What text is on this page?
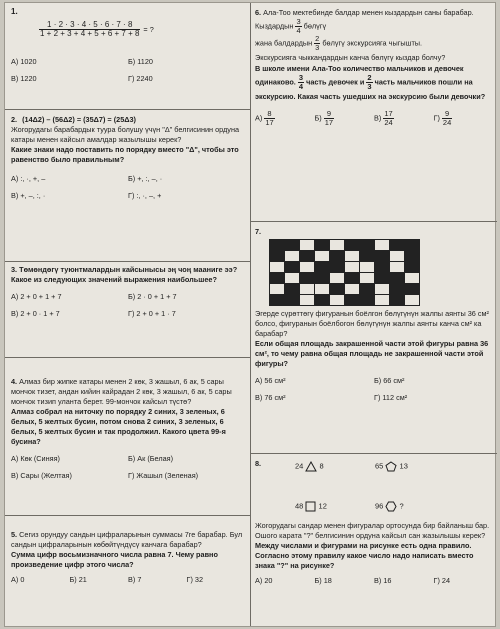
1.
$\frac{1 \cdot 2 \cdot 3 \cdot 4 \cdot 5 \cdot 6 \cdot 7 \cdot 8}{1 + 2 + 3 + 4 + 5 + 6 + 7 + 8}$ = ?
А) 1020	Б) 1120
В) 1220	Г) 2240
2. (14Δ2) – (56Δ2) = (35Δ7) = (25Δ3)
Жогорудагы барабардык туура болушу үчүн "Δ" белгисинин ордуна катары менен кайсыл амалдар жазылышы керек?
Какие знаки надо поставить по порядку вместо "Δ", чтобы это равенство было правильным?
А) :, ·, +, –	Б) +, :, –, ·
В) +, –, :, ·	Г) :, ·, –, +
3. Төмөндөгү туюнтмалардын кайсынысы эң чоң мааниге ээ?
Какое из следующих значений выражения наибольшее?
А) 2 + 0 + 1 + 7	Б) 2 · 0 + 1 + 7
В) 2 + 0 · 1 + 7	Г) 2 + 0 + 1 · 7
4. Алмаз бир жипке катары менен 2 көк, 3 жашыл, 6 ак, 5 сары мончок тизет, андан кийин кайрадан 2 көк, 3 жашыл, 6 ак, 5 сары мончок тизип уланта берет. 99-мончок кайсыл түстө?
Алмаз собрал на ниточку по порядку 2 синих, 3 зеленых, 6 белых, 5 желтых бусин, потом снова 2 синих, 3 зеленых, 6 белых, 5 желтых бусин и так продолжил. Какого цвета 99-я бусина?
А) Көк (Синяя)	Б) Ак (Белая)
В) Сары (Желтая)	Г) Жашыл (Зеленая)
5. Сегиз орундуу сандын цифраларынын суммасы 7ге барабар. Бул сандын цифраларынын көбөйтүндүсү канчага барабар?
Сумма цифр восьмизначного числа равна 7. Чему равно произведение цифр этого числа?
А) 0	Б) 21	В) 7	Г) 32
6. Ала-Тоо мектебинде балдар менен кыздардын саны барабар. Кыздардын $\frac{3}{4}$ бөлүгү
жана балдардын $\frac{2}{3}$ бөлүгү экскурсияга чыгышты.
Экскурсияга чыккандардын канча бөлүгү кыздар болчу?
В школе имени Ала-Тоо количество мальчиков и девочек одинаково. $\frac{3}{4}$ часть девочек и $\frac{2}{3}$ часть мальчиков пошли на экскурсию. Какая часть ушедших на экскурсию были девочки?
$А) \frac{8}{17}$	$Б) \frac{9}{17}$	$В) \frac{17}{24}$	$Г) \frac{9}{24}$
7.
Эгерде сүрөттөгү фигуранын боёлгон бөлүгүнүн жалпы аянты 36 см² болсо, фигуранын боёлбогон бөлүгүнүн жалпы аянты канча см² ка барабар?
Если общая площадь закрашенной части этой фигуры равна 36 см², то чему равна общая площадь не закрашенной части этой фигуры?
А) 56 см²	Б) 66 см²
В) 76 см²	Г) 112 см²
8.	24 8	65 13
48 12	96 ?
Жогорудагы сандар менен фигуралар ортосунда бир байланыш бар. Ошого карата "?" белгисинин ордуна кайсыл сан жазылышы керек?
Между числами и фигурами на рисунке есть одна правило. Согласно этому правилу какое число надо написать вместо знака "?" на рисунке?
А) 20	Б) 18	В) 16	Г) 24
